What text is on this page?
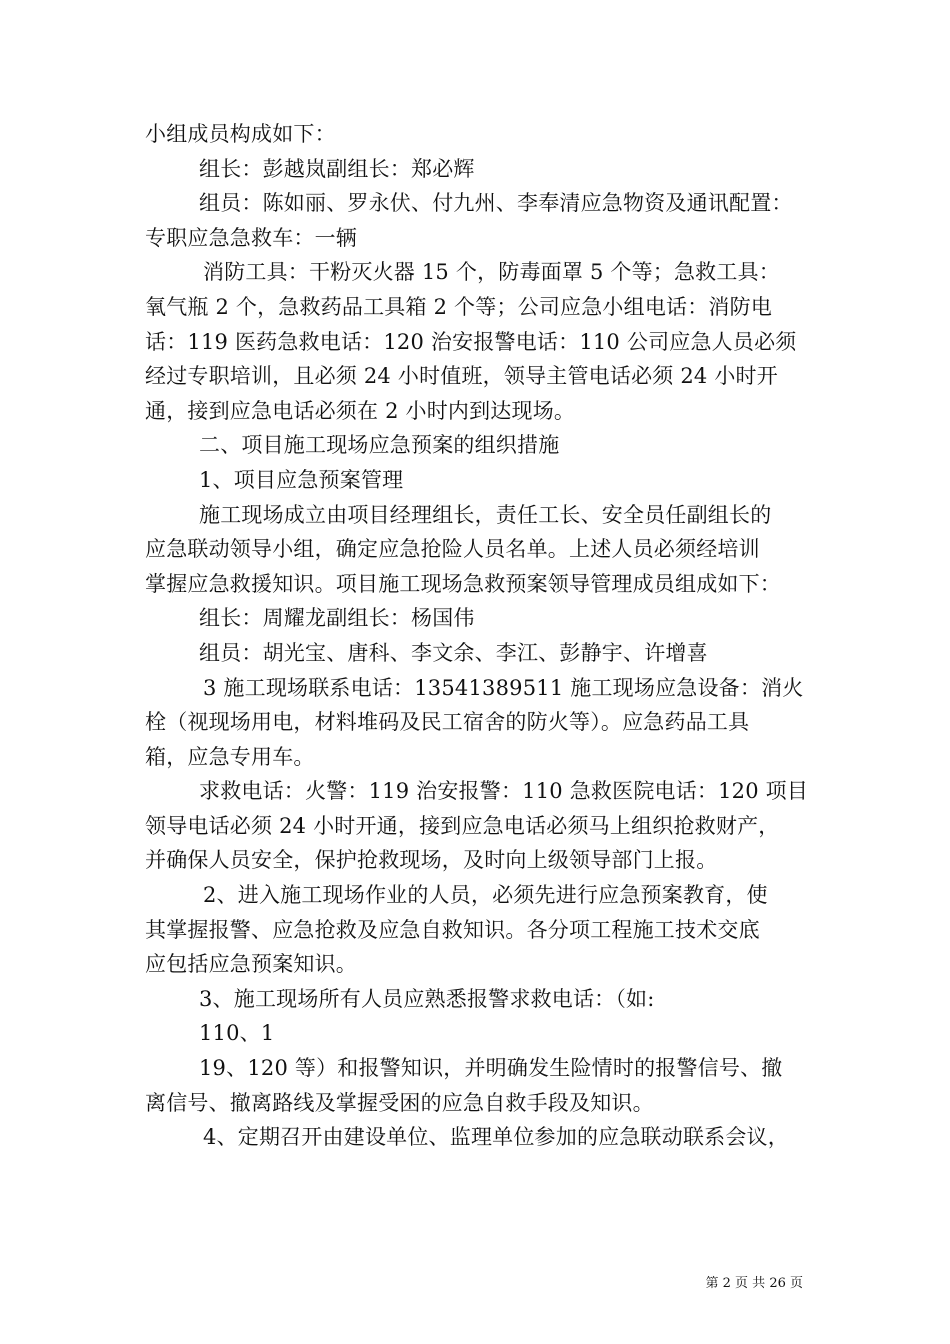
小组成员构成如下：
组长：彭越岚副组长：郑必辉
组员：陈如丽、罗永伏、付九州、李奉清应急物资及通讯配置：
专职应急急救车：一辆
消防工具：干粉灭火器 15 个，防毒面罩 5 个等；急救工具：
氧气瓶 2 个，急救药品工具箱 2 个等；公司应急小组电话：消防电
话：119 医药急救电话：120 治安报警电话：110 公司应急人员必须
经过专职培训，且必须 24 小时值班，领导主管电话必须 24 小时开
通，接到应急电话必须在 2 小时内到达现场。
二、项目施工现场应急预案的组织措施
1、项目应急预案管理
施工现场成立由项目经理组长，责任工长、安全员任副组长的
应急联动领导小组，确定应急抢险人员名单。上述人员必须经培训
掌握应急救援知识。项目施工现场急救预案领导管理成员组成如下：
组长：周耀龙副组长：杨国伟
组员：胡光宝、唐科、李文余、李江、彭静宇、许增喜
3 施工现场联系电话：13541389511 施工现场应急设备：消火
栓（视现场用电，材料堆码及民工宿舍的防火等）。应急药品工具
箱，应急专用车。
求救电话：火警：119 治安报警：110 急救医院电话：120 项目
领导电话必须 24 小时开通，接到应急电话必须马上组织抢救财产，
并确保人员安全，保护抢救现场，及时向上级领导部门上报。
2、进入施工现场作业的人员，必须先进行应急预案教育，使
其掌握报警、应急抢救及应急自救知识。各分项工程施工技术交底
应包括应急预案知识。
3、施工现场所有人员应熟悉报警求救电话：（如:
110、1
19、120 等）和报警知识，并明确发生险情时的报警信号、撤
离信号、撤离路线及掌握受困的应急自救手段及知识。
4、定期召开由建设单位、监理单位参加的应急联动联系会议，
第 2 页 共 26 页
